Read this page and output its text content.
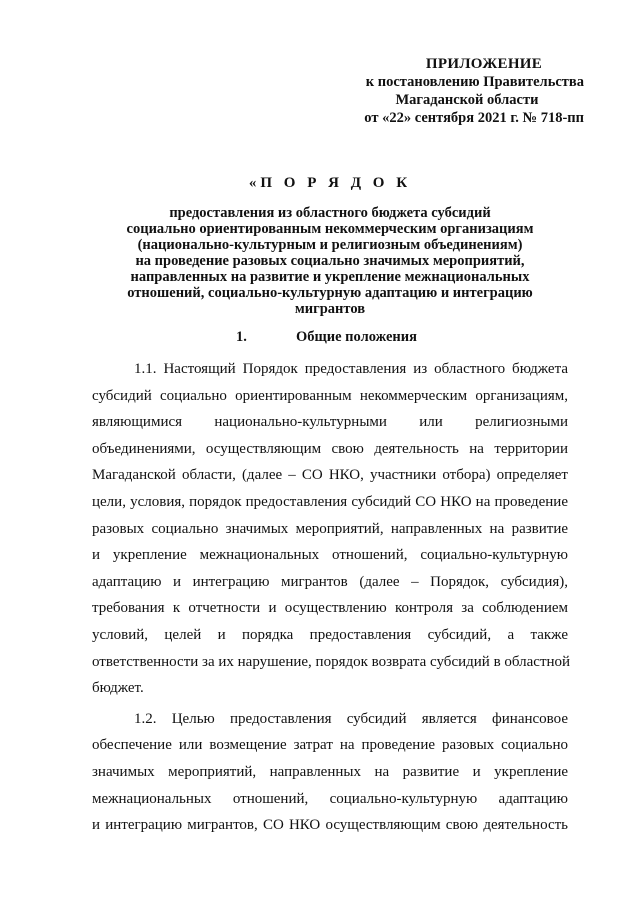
ПРИЛОЖЕНИЕ
к постановлению Правительства
Магаданской области
от «22» сентября 2021 г. № 718-пп
«П О Р Я Д О К
предоставления из областного бюджета субсидий
социально ориентированным некоммерческим организациям
(национально-культурным и религиозным объединениям)
на проведение разовых социально значимых мероприятий,
направленных на развитие и укрепление межнациональных
отношений, социально-культурную адаптацию и интеграцию
мигрантов
1.	Общие положения
1.1. Настоящий Порядок предоставления из областного бюджета
субсидий социально ориентированным некоммерческим организациям,
являющимися национально-культурными или религиозными
объединениями, осуществляющим свою деятельность на территории
Магаданской области, (далее – СО НКО, участники отбора) определяет
цели, условия, порядок предоставления субсидий СО НКО на проведение
разовых социально значимых мероприятий, направленных на развитие
и укрепление межнациональных отношений, социально-культурную
адаптацию и интеграцию мигрантов (далее – Порядок, субсидия),
требования к отчетности и осуществлению контроля за соблюдением
условий, целей и порядка предоставления субсидий, а также
ответственности за их нарушение, порядок возврата субсидий в областной
бюджет.
1.2. Целью предоставления субсидий является финансовое
обеспечение или возмещение затрат на проведение разовых социально
значимых мероприятий, направленных на развитие и укрепление
межнациональных отношений, социально-культурную адаптацию
и интеграцию мигрантов, СО НКО осуществляющим свою деятельность
